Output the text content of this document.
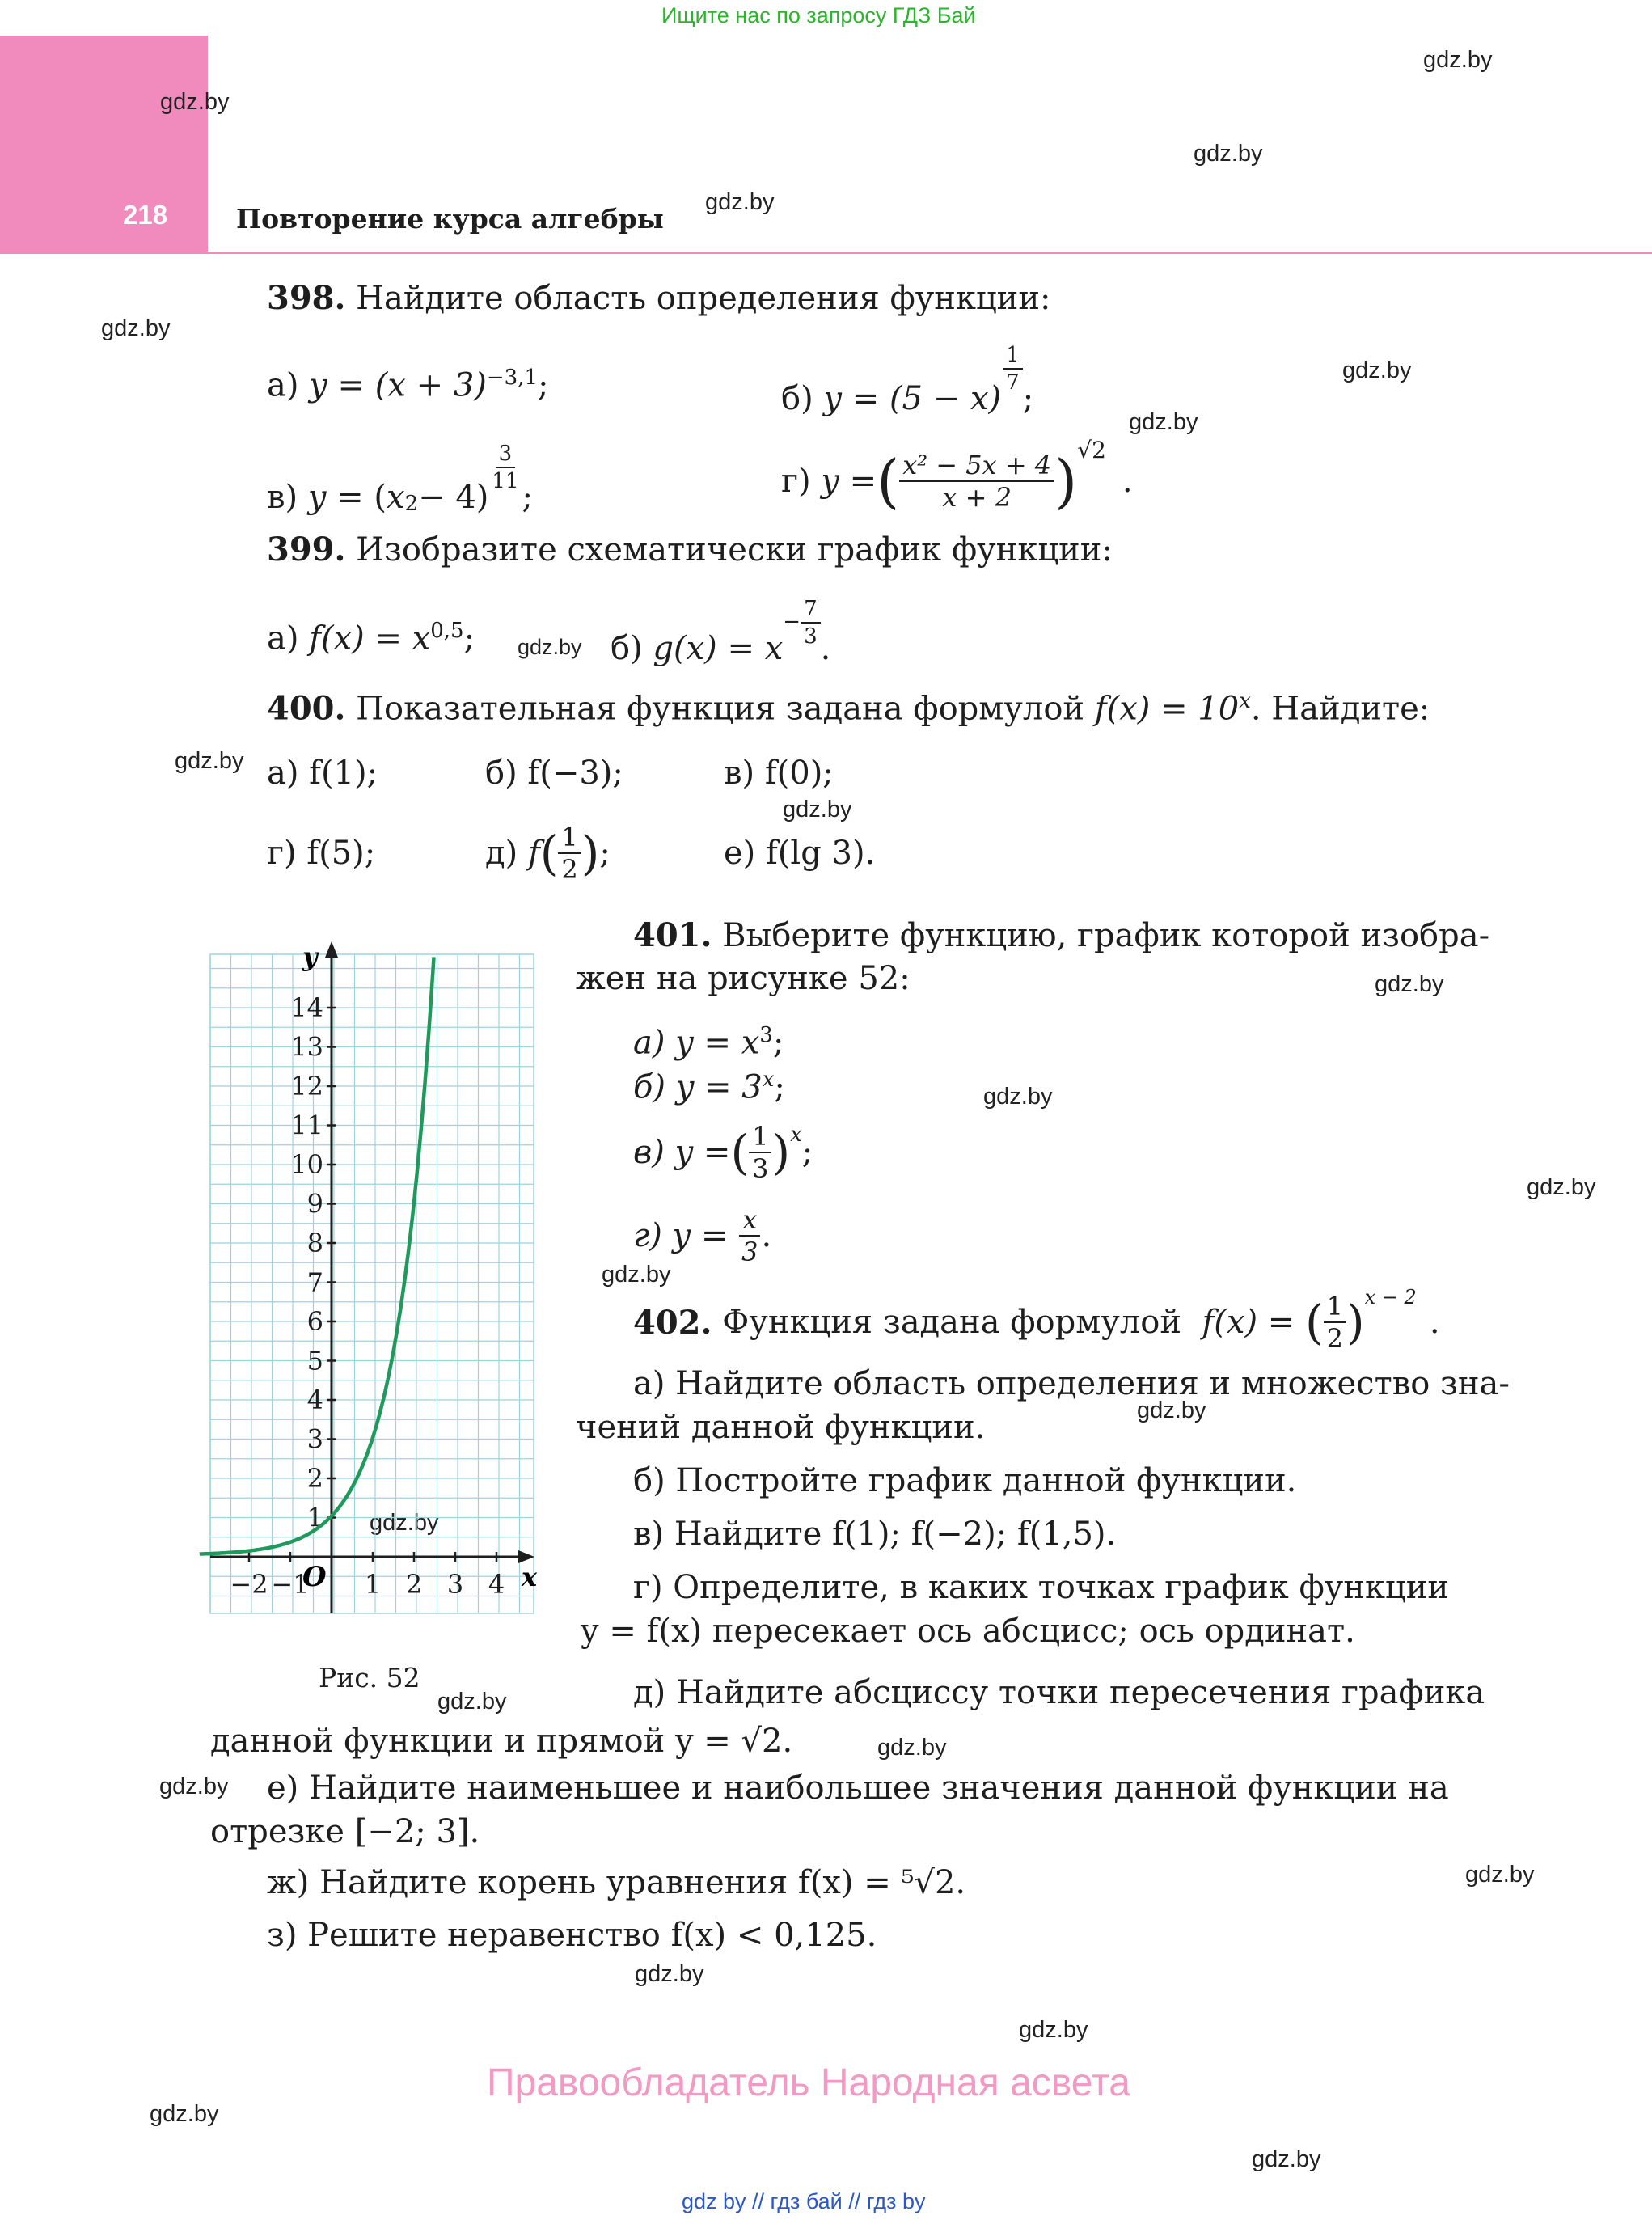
Ищите нас по запросу ГДЗ Бай
218	Повторение курса алгебры
gdz.by
gdz.by
gdz.by
gdz.by
gdz.by
gdz.by
gdz.by
gdz.by
gdz.by
gdz.by
gdz.by
gdz.by
gdz.by
gdz.by
gdz.by
gdz.by
gdz.by
gdz.by
gdz.by
gdz.by
gdz.by
gdz.by
gdz.by
gdz.by
398. Найдите область определения функции:
а) $y = (x + 3)^{-3,1}$;	б)
y = (5 − x)
$\frac{1}{7}$
;
в)
y = ( x 2 − 4 )
$\frac{3}{11}$
;	г)
y = ( $\frac{\text{x² − 5x + 4}}{x + 2}$ ) √2
.
399. Изобразите схематически график функции:
а) $f(x) = x^{0,5}$;	б)
g(x) = x
− $\frac{7}{3}$
.
400. Показательная функция задана формулой $f(x) = 10^x$. Найдите:
а) f(1);	б) f(−3);	в) f(0);
г) f(5);	д)
f ( $\frac{1}{2}$ ) ;	е) f(lg 3).
−2 −1 1 2 3 4
1
2
3
4
5
6
7
8
9
10
11
12
13
14
x
y
O
Рис. 52
401. Выберите функцию, график которой изобра-
жен на рисунке 52:
а) $y = x^3$;
б) $y = 3^x$;
в) y = ( $\frac{1}{3}$ ) x ;
г) y =
$\frac{x}{3}$ .
402.
Функция задана формулой
f(x) =
( $\frac{1}{2}$ ) x − 2
.
а) Найдите область определения и множество зна-
чений данной функции.
б) Постройте график данной функции.
в) Найдите f(1); f(−2); f(1,5).
г) Определите, в каких точках график функции
y = f(x) пересекает ось абсцисс; ось ординат.
д) Найдите абсциссу точки пересечения графика
данной функции и прямой y = √2.
е) Найдите наименьшее и наибольшее значения данной функции на
отрезке [−2; 3].
ж) Найдите корень уравнения f(x) = ⁵√2.
з) Решите неравенство f(x) < 0,125.
Правообладатель Народная асвета
gdz by // гдз бай // гдз by
